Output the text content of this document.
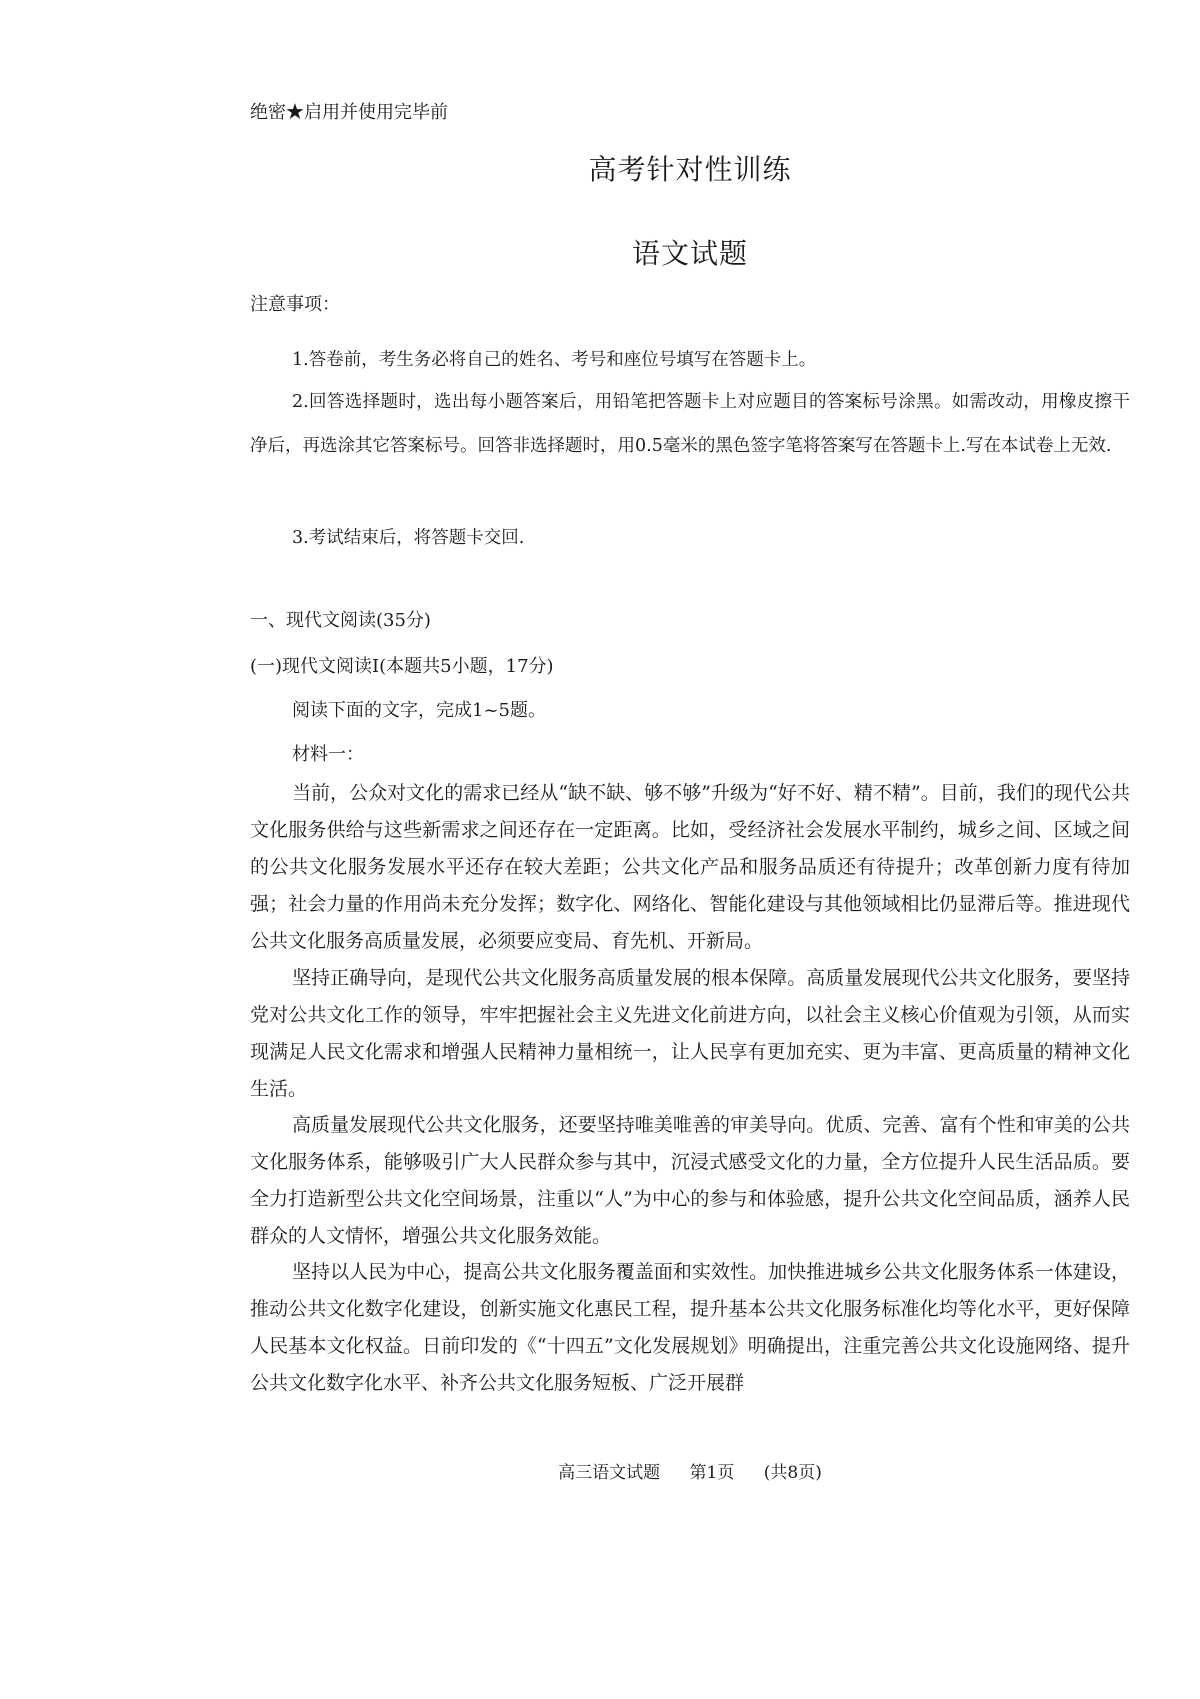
绝密★启用并使用完毕前
高考针对性训练
语文试题
注意事项：
1.答卷前，考生务必将自己的姓名、考号和座位号填写在答题卡上。
2.回答选择题时，选出每小题答案后，用铅笔把答题卡上对应题目的答案标号涂黑。如需改动，用橡皮擦干净后，再选涂其它答案标号。回答非选择题时，用0.5毫米的黑色签字笔将答案写在答题卡上.写在本试卷上无效.
3.考试结束后，将答题卡交回.
一、现代文阅读(35分)
(一)现代文阅读Ⅰ(本题共5小题，17分)
阅读下面的文字，完成1~5题。
材料一：
当前，公众对文化的需求已经从“缺不缺、够不够”升级为“好不好、精不精”。目前，我们的现代公共文化服务供给与这些新需求之间还存在一定距离。比如，受经济社会发展水平制约，城乡之间、区域之间的公共文化服务发展水平还存在较大差距；公共文化产品和服务品质还有待提升；改革创新力度有待加强；社会力量的作用尚未充分发挥；数字化、网络化、智能化建设与其他领域相比仍显滞后等。推进现代公共文化服务高质量发展，必须要应变局、育先机、开新局。
坚持正确导向，是现代公共文化服务高质量发展的根本保障。高质量发展现代公共文化服务，要坚持党对公共文化工作的领导，牢牢把握社会主义先进文化前进方向，以社会主义核心价值观为引领，从而实现满足人民文化需求和增强人民精神力量相统一，让人民享有更加充实、更为丰富、更高质量的精神文化生活。
高质量发展现代公共文化服务，还要坚持唯美唯善的审美导向。优质、完善、富有个性和审美的公共文化服务体系，能够吸引广大人民群众参与其中，沉浸式感受文化的力量，全方位提升人民生活品质。要全力打造新型公共文化空间场景，注重以“人”为中心的参与和体验感，提升公共文化空间品质，涵养人民群众的人文情怀，增强公共文化服务效能。
坚持以人民为中心，提高公共文化服务覆盖面和实效性。加快推进城乡公共文化服务体系一体建设，推动公共文化数字化建设，创新实施文化惠民工程，提升基本公共文化服务标准化均等化水平，更好保障人民基本文化权益。日前印发的《“十四五”文化发展规划》明确提出，注重完善公共文化设施网络、提升公共文化数字化水平、补齐公共文化服务短板、广泛开展群
高三语文试题 第1页 (共8页)
